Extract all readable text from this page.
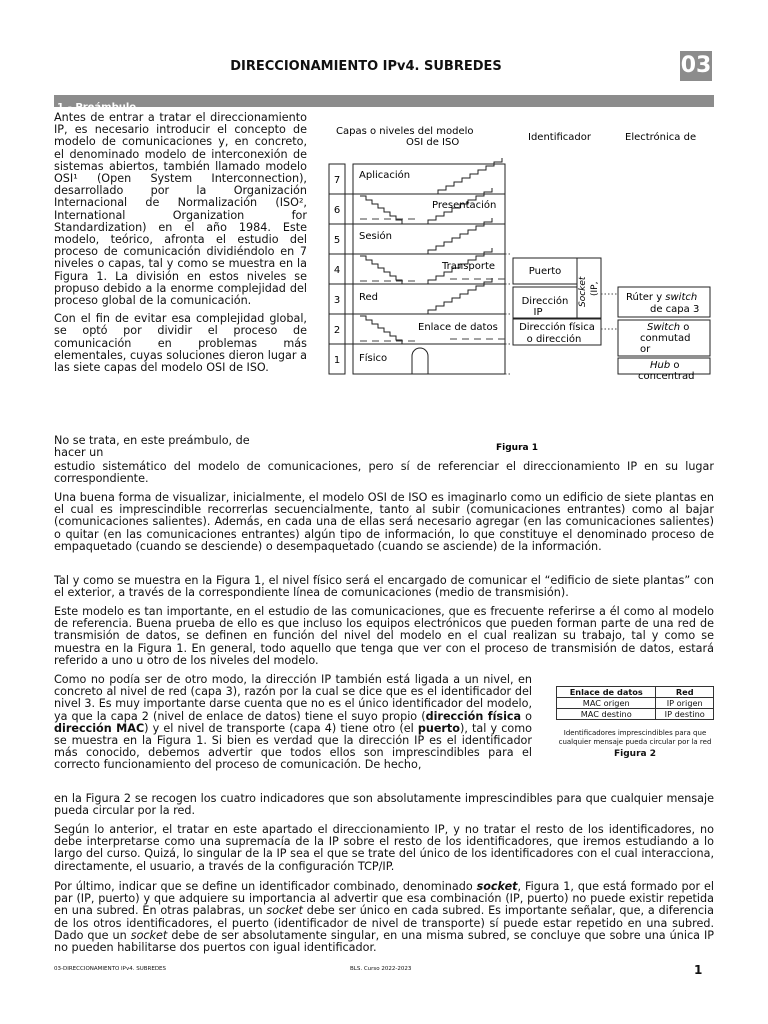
DIRECCIONAMIENTO IPv4. SUBREDES	03
1.- Preámbulo.

Antes de entrar a tratar el direccionamiento IP, es necesario introducir el concepto de modelo de comunicaciones y, en concreto, el denominado modelo de interconexión de sistemas abiertos, también llamado modelo OSI¹ (Open System Interconnection), desarrollado por la Organización Internacional de Normalización (ISO², International Organization for Standardization) en el año 1984. Este modelo, teórico, afronta el estudio del proceso de comunicación dividiéndolo en 7 niveles o capas, tal y como se muestra en la Figura 1. La división en estos niveles se propuso debido a la enorme complejidad del proceso global de la comunicación.

Con el fin de evitar esa complejidad global, se optó por dividir el proceso de comunicación en problemas más elementales, cuyas soluciones dieron lugar a las siete capas del modelo OSI de ISO.

Capas o niveles del modelo
OSI de ISO	Identificador	Electrónica de
7
6
5
4
3
2
1
Aplicación
Presentación
Sesión
Transporte
Red
Enlace de datos
Físico
Puerto
Dirección
IP
Socket (IP,
Dirección física
o dirección
Rúter y switch
de capa 3
Switch o
conmutad
or
Hub o
concentrad
Figura 1
No se trata, en este preámbulo, de
hacer un

estudio sistemático del modelo de comunicaciones, pero sí de referenciar el direccionamiento IP en su lugar correspondiente.

Una buena forma de visualizar, inicialmente, el modelo OSI de ISO es imaginarlo como un edificio de siete plantas en el cual es imprescindible recorrerlas secuencialmente, tanto al subir (comunicaciones entrantes) como al bajar (comunicaciones salientes). Además, en cada una de ellas será necesario agregar (en las comunicaciones salientes) o quitar (en las comunicaciones entrantes) algún tipo de información, lo que constituye el denominado proceso de empaquetado (cuando se desciende) o desempaquetado (cuando se asciende) de la información.

Tal y como se muestra en la Figura 1, el nivel físico será el encargado de comunicar el “edificio de siete plantas” con el exterior, a través de la correspondiente línea de comunicaciones (medio de transmisión).

Este modelo es tan importante, en el estudio de las comunicaciones, que es frecuente referirse a él como al modelo de referencia. Buena prueba de ello es que incluso los equipos electrónicos que pueden forman parte de una red de transmisión de datos, se definen en función del nivel del modelo en el cual realizan su trabajo, tal y como se muestra en la Figura 1. En general, todo aquello que tenga que ver con el proceso de transmisión de datos, estará referido a uno u otro de los niveles del modelo.

Como no podía ser de otro modo, la dirección IP también está ligada a un nivel, en concreto al nivel de red (capa 3), razón por la cual se dice que es el identificador del nivel 3. Es muy importante darse cuenta que no es el único identificador del modelo, ya que la capa 2 (nivel de enlace de datos) tiene el suyo propio (dirección física o dirección MAC) y el nivel de transporte (capa 4) tiene otro (el puerto), tal y como se muestra en la Figura 1. Si bien es verdad que la dirección IP es el identificador más conocido, debemos advertir que todos ellos son imprescindibles para el correcto funcionamiento del proceso de comunicación. De hecho,

en la Figura 2 se recogen los cuatro indicadores que son absolutamente imprescindibles para que cualquier mensaje pueda circular por la red.

Enlace de datos	Red
MAC origen	IP origen
MAC destino	IP destino
Identificadores imprescindibles para que cualquier mensaje pueda circular por la red
Figura 2

Según lo anterior, el tratar en este apartado el direccionamiento IP, y no tratar el resto de los identificadores, no debe interpretarse como una supremacía de la IP sobre el resto de los identificadores, que iremos estudiando a lo largo del curso. Quizá, lo singular de la IP sea el que se trate del único de los identificadores con el cual interacciona, directamente, el usuario, a través de la configuración TCP/IP.

Por último, indicar que se define un identificador combinado, denominado socket, Figura 1, que está formado por el par (IP, puerto) y que adquiere su importancia al advertir que esa combinación (IP, puerto) no puede existir repetida en una subred. En otras palabras, un socket debe ser único en cada subred. Es importante señalar, que, a diferencia de los otros identificadores, el puerto (identificador de nivel de transporte) sí puede estar repetido en una subred. Dado que un socket debe de ser absolutamente singular, en una misma subred, se concluye que sobre una única IP no pueden habilitarse dos puertos con igual identificador.

03-DIRECCIONAMIENTO IPv4. SUBREDES	BLS. Curso 2022-2023	1
